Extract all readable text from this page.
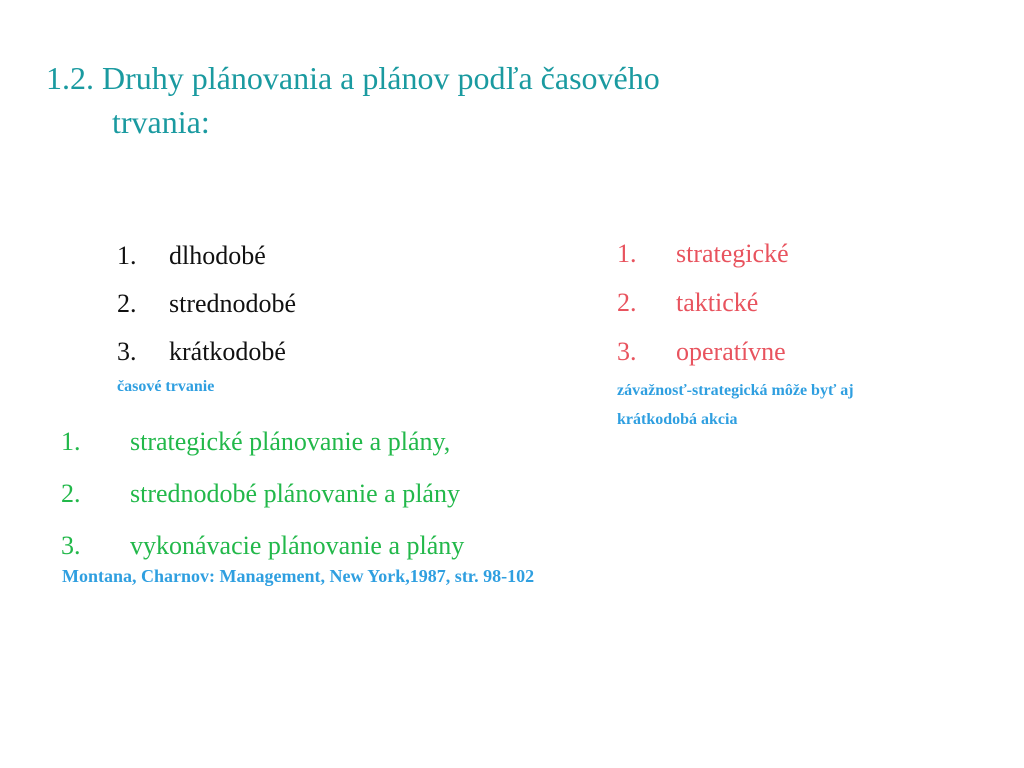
1.2. Druhy plánovania a plánov podľa časového
trvania:
1.	dlhodobé
2.	strednodobé
3.	krátkodobé
časové trvanie
1.	strategické
2.	taktické
3.	operatívne
závažnosť-strategická môže byť aj
krátkodobá akcia
1.	strategické plánovanie a plány,
2.	strednodobé plánovanie a plány
3.	vykonávacie plánovanie a plány
Montana, Charnov: Management, New York,1987, str. 98-102
